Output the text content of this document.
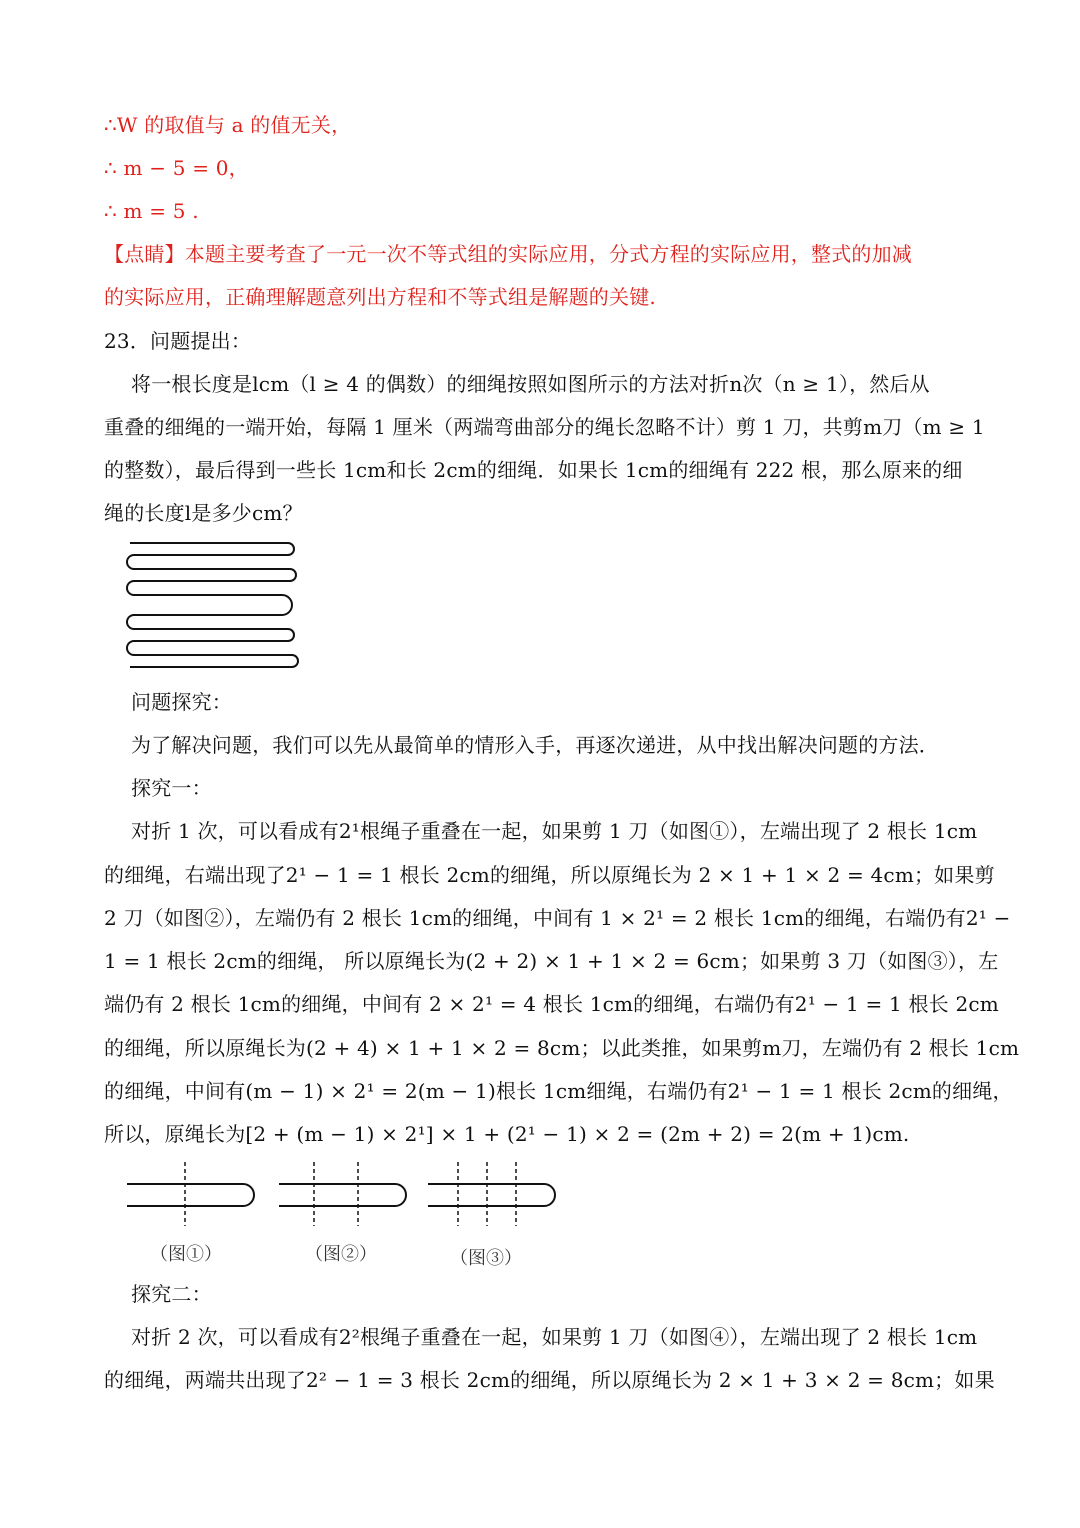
∴W 的取值与 a 的值无关，
∴ m − 5 = 0，
∴ m = 5 .
【点睛】本题主要考查了一元一次不等式组的实际应用，分式方程的实际应用，整式的加减
的实际应用，正确理解题意列出方程和不等式组是解题的关键.
23．问题提出：
将一根长度是lcm（l ≥ 4 的偶数）的细绳按照如图所示的方法对折n次（n ≥ 1），然后从
重叠的细绳的一端开始，每隔 1 厘米（两端弯曲部分的绳长忽略不计）剪 1 刀，共剪m刀（m ≥ 1
的整数），最后得到一些长 1cm和长 2cm的细绳．如果长 1cm的细绳有 222 根，那么原来的细
绳的长度l是多少cm？
问题探究：
为了解决问题，我们可以先从最简单的情形入手，再逐次递进，从中找出解决问题的方法．
探究一：
对折 1 次，可以看成有2¹根绳子重叠在一起，如果剪 1 刀（如图①），左端出现了 2 根长 1cm
的细绳，右端出现了2¹ − 1 = 1 根长 2cm的细绳，所以原绳长为 2 × 1 + 1 × 2 = 4cm；如果剪
2 刀（如图②），左端仍有 2 根长 1cm的细绳，中间有 1 × 2¹ = 2 根长 1cm的细绳，右端仍有2¹ −
1 = 1 根长 2cm的细绳， 所以原绳长为(2 + 2) × 1 + 1 × 2 = 6cm；如果剪 3 刀（如图③），左
端仍有 2 根长 1cm的细绳，中间有 2 × 2¹ = 4 根长 1cm的细绳，右端仍有2¹ − 1 = 1 根长 2cm
的细绳，所以原绳长为(2 + 4) × 1 + 1 × 2 = 8cm；以此类推，如果剪m刀，左端仍有 2 根长 1cm
的细绳，中间有(m − 1) × 2¹ = 2(m − 1)根长 1cm细绳，右端仍有2¹ − 1 = 1 根长 2cm的细绳，
所以，原绳长为[2 + (m − 1) × 2¹] × 1 + (2¹ − 1) × 2 = (2m + 2) = 2(m + 1)cm.
（图①）	（图②）	（图③）
探究二：
对折 2 次，可以看成有2²根绳子重叠在一起，如果剪 1 刀（如图④），左端出现了 2 根长 1cm
的细绳，两端共出现了2² − 1 = 3 根长 2cm的细绳，所以原绳长为 2 × 1 + 3 × 2 = 8cm；如果
